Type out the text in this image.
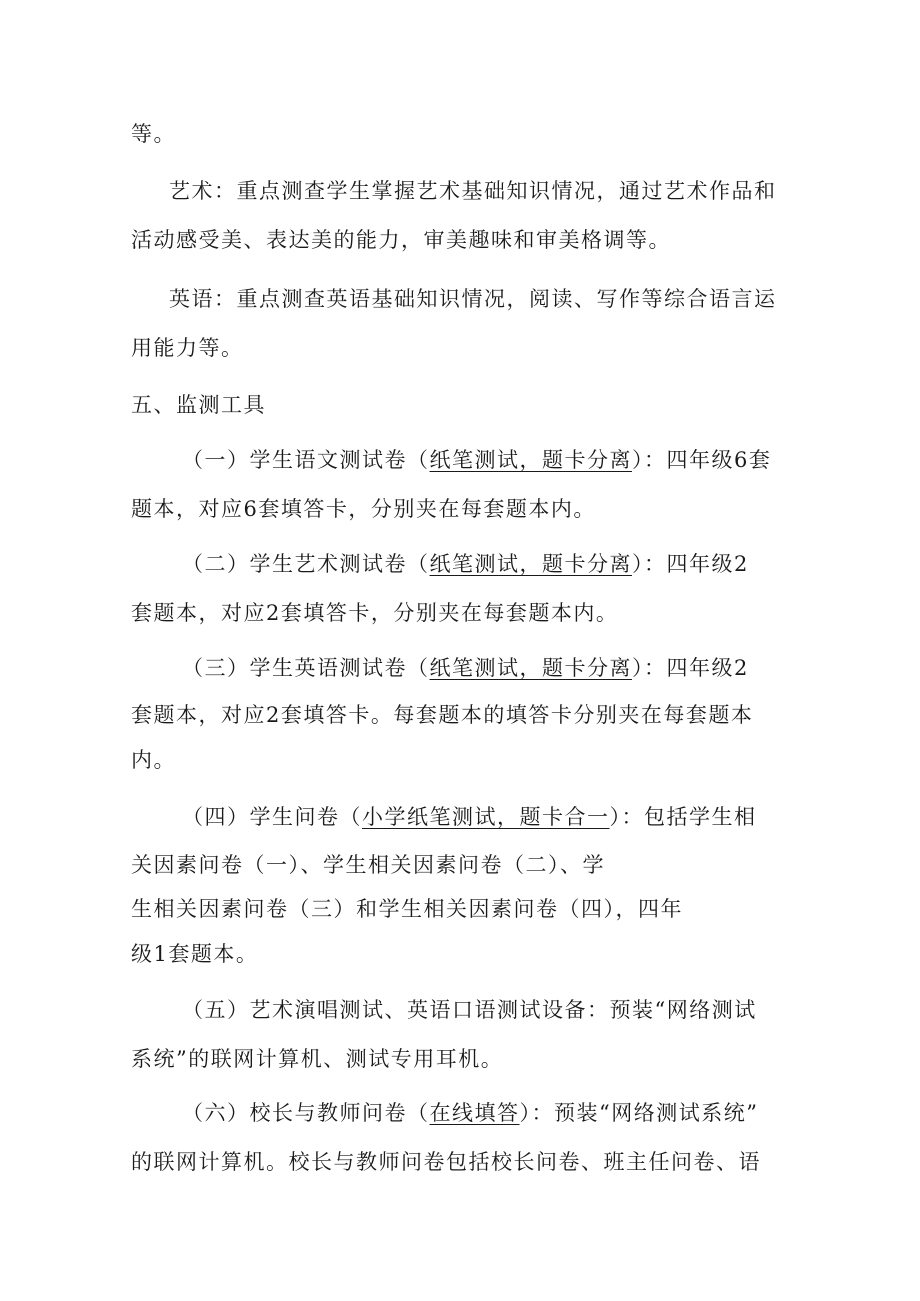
等。
艺术：重点测查学生掌握艺术基础知识情况，通过艺术作品和
活动感受美、表达美的能力，审美趣味和审美格调等。
英语：重点测查英语基础知识情况，阅读、写作等综合语言运
用能力等。
五、监测工具
（一）学生语文测试卷（纸笔测试，题卡分离）：四年级6套
题本，对应6套填答卡，分别夹在每套题本内。
（二）学生艺术测试卷（纸笔测试，题卡分离）：四年级2
套题本，对应2套填答卡，分别夹在每套题本内。
（三）学生英语测试卷（纸笔测试，题卡分离）：四年级2
套题本，对应2套填答卡。每套题本的填答卡分别夹在每套题本
内。
（四）学生问卷（小学纸笔测试，题卡合一）：包括学生相
关因素问卷（一）、学生相关因素问卷（二）、学
生相关因素问卷（三）和学生相关因素问卷（四），四年
级1套题本。
（五）艺术演唱测试、英语口语测试设备：预装“网络测试
系统”的联网计算机、测试专用耳机。
（六）校长与教师问卷（在线填答）：预装“网络测试系统”
的联网计算机。校长与教师问卷包括校长问卷、班主任问卷、语
